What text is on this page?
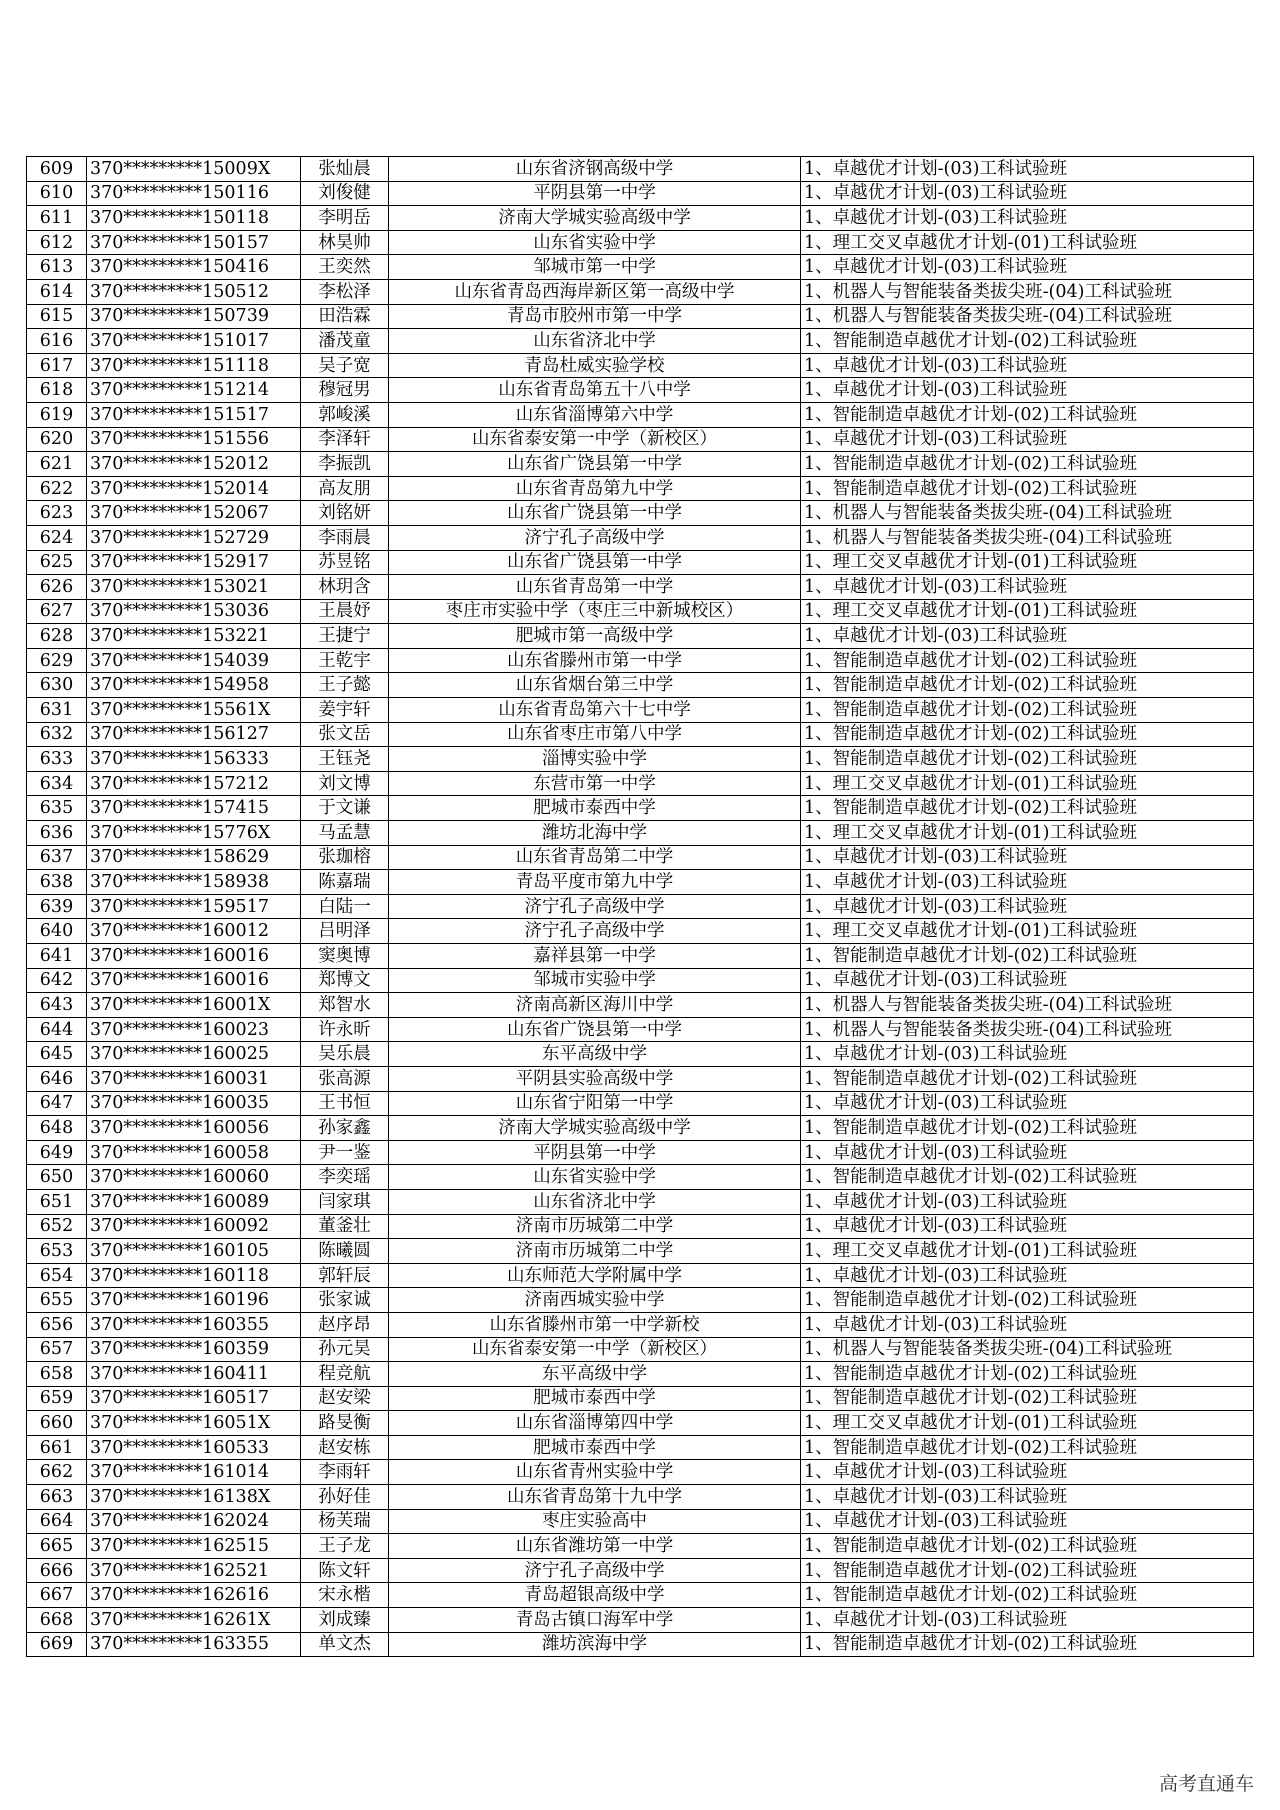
609	370*********15009X	张灿晨	山东省济钢高级中学	1、卓越优才计划-(03)工科试验班
610	370*********150116	刘俊健	平阴县第一中学	1、卓越优才计划-(03)工科试验班
611	370*********150118	李明岳	济南大学城实验高级中学	1、卓越优才计划-(03)工科试验班
612	370*********150157	林昊帅	山东省实验中学	1、理工交叉卓越优才计划-(01)工科试验班
613	370*********150416	王奕然	邹城市第一中学	1、卓越优才计划-(03)工科试验班
614	370*********150512	李松泽	山东省青岛西海岸新区第一高级中学	1、机器人与智能装备类拔尖班-(04)工科试验班
615	370*********150739	田浩霖	青岛市胶州市第一中学	1、机器人与智能装备类拔尖班-(04)工科试验班
616	370*********151017	潘茂童	山东省济北中学	1、智能制造卓越优才计划-(02)工科试验班
617	370*********151118	吴子宽	青岛杜威实验学校	1、卓越优才计划-(03)工科试验班
618	370*********151214	穆冠男	山东省青岛第五十八中学	1、卓越优才计划-(03)工科试验班
619	370*********151517	郭峻溪	山东省淄博第六中学	1、智能制造卓越优才计划-(02)工科试验班
620	370*********151556	李泽轩	山东省泰安第一中学（新校区）	1、卓越优才计划-(03)工科试验班
621	370*********152012	李振凯	山东省广饶县第一中学	1、智能制造卓越优才计划-(02)工科试验班
622	370*********152014	高友朋	山东省青岛第九中学	1、智能制造卓越优才计划-(02)工科试验班
623	370*********152067	刘铭妍	山东省广饶县第一中学	1、机器人与智能装备类拔尖班-(04)工科试验班
624	370*********152729	李雨晨	济宁孔子高级中学	1、机器人与智能装备类拔尖班-(04)工科试验班
625	370*********152917	苏昱铭	山东省广饶县第一中学	1、理工交叉卓越优才计划-(01)工科试验班
626	370*********153021	林玥含	山东省青岛第一中学	1、卓越优才计划-(03)工科试验班
627	370*********153036	王晨妤	枣庄市实验中学（枣庄三中新城校区）	1、理工交叉卓越优才计划-(01)工科试验班
628	370*********153221	王捷宁	肥城市第一高级中学	1、卓越优才计划-(03)工科试验班
629	370*********154039	王乾宇	山东省滕州市第一中学	1、智能制造卓越优才计划-(02)工科试验班
630	370*********154958	王子懿	山东省烟台第三中学	1、智能制造卓越优才计划-(02)工科试验班
631	370*********15561X	姜宇轩	山东省青岛第六十七中学	1、智能制造卓越优才计划-(02)工科试验班
632	370*********156127	张文岳	山东省枣庄市第八中学	1、智能制造卓越优才计划-(02)工科试验班
633	370*********156333	王钰尧	淄博实验中学	1、智能制造卓越优才计划-(02)工科试验班
634	370*********157212	刘文博	东营市第一中学	1、理工交叉卓越优才计划-(01)工科试验班
635	370*********157415	于文谦	肥城市泰西中学	1、智能制造卓越优才计划-(02)工科试验班
636	370*********15776X	马孟慧	潍坊北海中学	1、理工交叉卓越优才计划-(01)工科试验班
637	370*********158629	张珈榕	山东省青岛第二中学	1、卓越优才计划-(03)工科试验班
638	370*********158938	陈嘉瑞	青岛平度市第九中学	1、卓越优才计划-(03)工科试验班
639	370*********159517	白陆一	济宁孔子高级中学	1、卓越优才计划-(03)工科试验班
640	370*********160012	吕明泽	济宁孔子高级中学	1、理工交叉卓越优才计划-(01)工科试验班
641	370*********160016	窦奥博	嘉祥县第一中学	1、智能制造卓越优才计划-(02)工科试验班
642	370*********160016	郑博文	邹城市实验中学	1、卓越优才计划-(03)工科试验班
643	370*********16001X	郑智水	济南高新区海川中学	1、机器人与智能装备类拔尖班-(04)工科试验班
644	370*********160023	许永昕	山东省广饶县第一中学	1、机器人与智能装备类拔尖班-(04)工科试验班
645	370*********160025	吴乐晨	东平高级中学	1、卓越优才计划-(03)工科试验班
646	370*********160031	张高源	平阴县实验高级中学	1、智能制造卓越优才计划-(02)工科试验班
647	370*********160035	王书恒	山东省宁阳第一中学	1、卓越优才计划-(03)工科试验班
648	370*********160056	孙家鑫	济南大学城实验高级中学	1、智能制造卓越优才计划-(02)工科试验班
649	370*********160058	尹一鉴	平阴县第一中学	1、卓越优才计划-(03)工科试验班
650	370*********160060	李奕瑶	山东省实验中学	1、智能制造卓越优才计划-(02)工科试验班
651	370*********160089	闫家琪	山东省济北中学	1、卓越优才计划-(03)工科试验班
652	370*********160092	董釜壮	济南市历城第二中学	1、卓越优才计划-(03)工科试验班
653	370*********160105	陈曦圆	济南市历城第二中学	1、理工交叉卓越优才计划-(01)工科试验班
654	370*********160118	郭轩辰	山东师范大学附属中学	1、卓越优才计划-(03)工科试验班
655	370*********160196	张家诚	济南西城实验中学	1、智能制造卓越优才计划-(02)工科试验班
656	370*********160355	赵序昂	山东省滕州市第一中学新校	1、卓越优才计划-(03)工科试验班
657	370*********160359	孙元昊	山东省泰安第一中学（新校区）	1、机器人与智能装备类拔尖班-(04)工科试验班
658	370*********160411	程竞航	东平高级中学	1、智能制造卓越优才计划-(02)工科试验班
659	370*********160517	赵安梁	肥城市泰西中学	1、智能制造卓越优才计划-(02)工科试验班
660	370*********16051X	路旻衡	山东省淄博第四中学	1、理工交叉卓越优才计划-(01)工科试验班
661	370*********160533	赵安栋	肥城市泰西中学	1、智能制造卓越优才计划-(02)工科试验班
662	370*********161014	李雨轩	山东省青州实验中学	1、卓越优才计划-(03)工科试验班
663	370*********16138X	孙好佳	山东省青岛第十九中学	1、卓越优才计划-(03)工科试验班
664	370*********162024	杨芙瑞	枣庄实验高中	1、卓越优才计划-(03)工科试验班
665	370*********162515	王子龙	山东省潍坊第一中学	1、智能制造卓越优才计划-(02)工科试验班
666	370*********162521	陈文轩	济宁孔子高级中学	1、智能制造卓越优才计划-(02)工科试验班
667	370*********162616	宋永楷	青岛超银高级中学	1、智能制造卓越优才计划-(02)工科试验班
668	370*********16261X	刘成臻	青岛古镇口海军中学	1、卓越优才计划-(03)工科试验班
669	370*********163355	单文杰	潍坊滨海中学	1、智能制造卓越优才计划-(02)工科试验班
高考直通车
